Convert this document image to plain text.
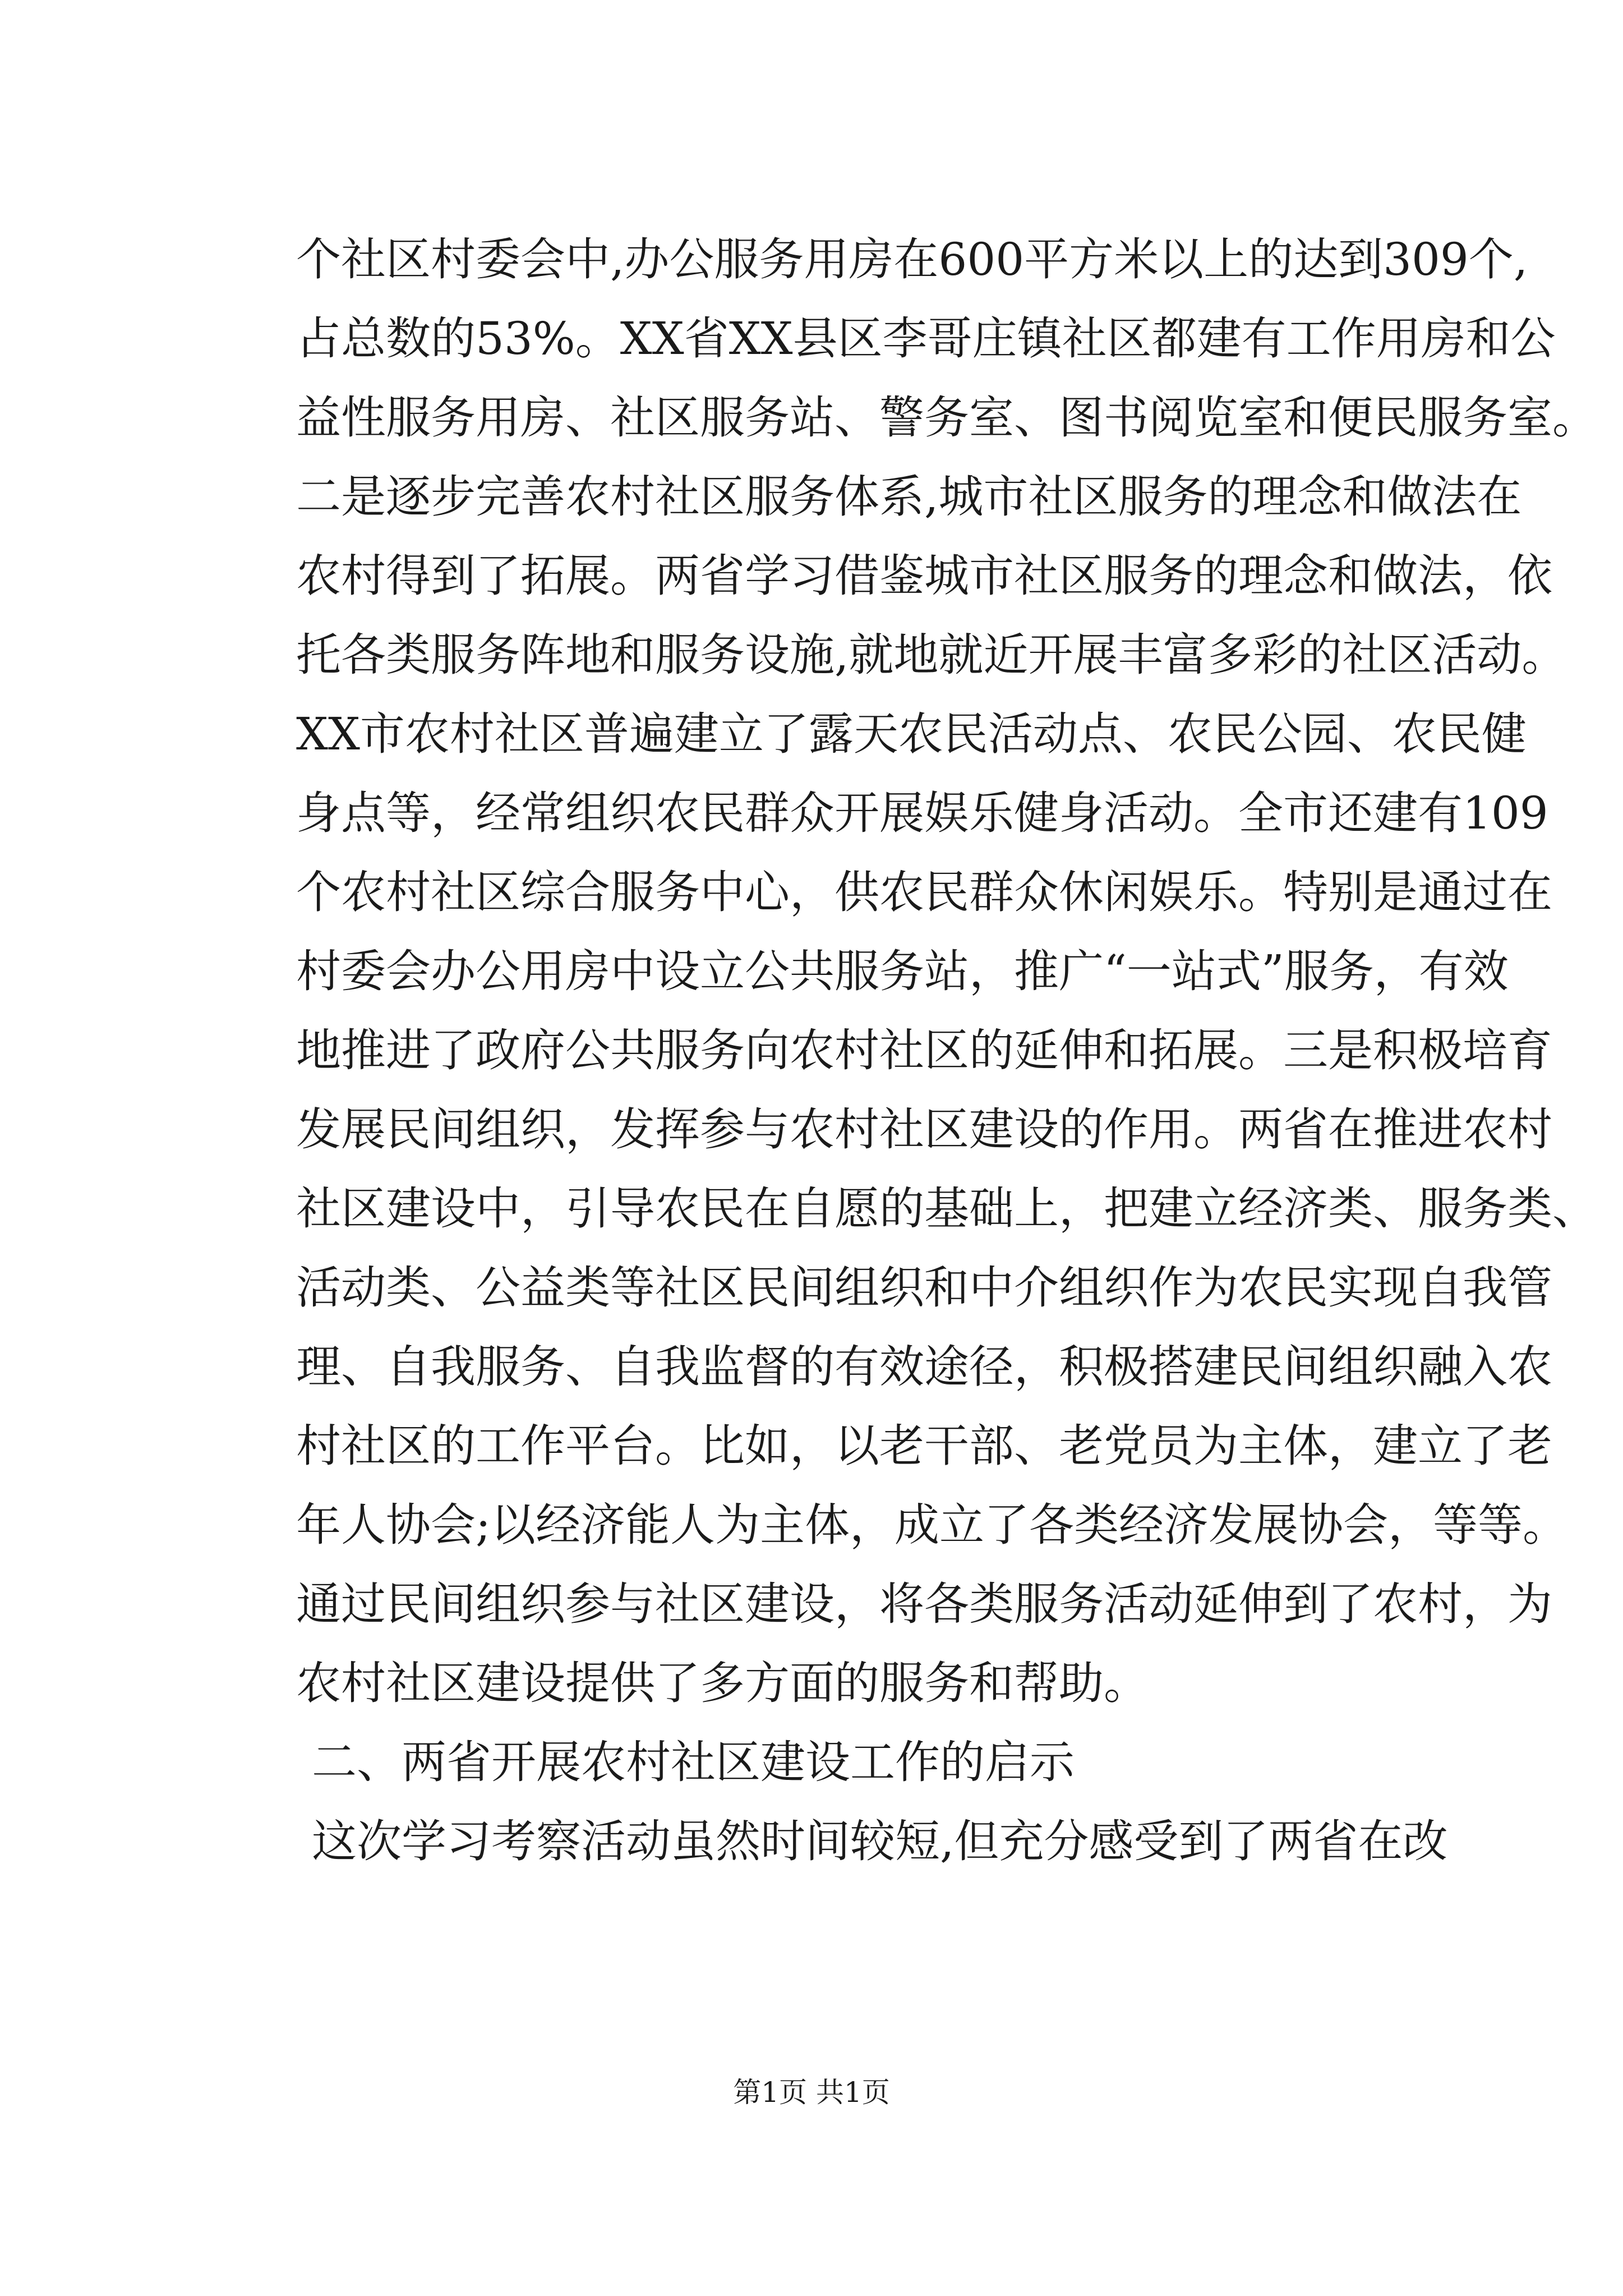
个社区村委会中,办公服务用房在600平方米以上的达到309个,
占总数的53%。XX省XX县区李哥庄镇社区都建有工作用房和公
益性服务用房、社区服务站、警务室、图书阅览室和便民服务室。
二是逐步完善农村社区服务体系,城市社区服务的理念和做法在
农村得到了拓展。两省学习借鉴城市社区服务的理念和做法，依
托各类服务阵地和服务设施,就地就近开展丰富多彩的社区活动。
XX市农村社区普遍建立了露天农民活动点、农民公园、农民健
身点等，经常组织农民群众开展娱乐健身活动。全市还建有109
个农村社区综合服务中心，供农民群众休闲娱乐。特别是通过在
村委会办公用房中设立公共服务站，推广“一站式”服务，有效
地推进了政府公共服务向农村社区的延伸和拓展。三是积极培育
发展民间组织，发挥参与农村社区建设的作用。两省在推进农村
社区建设中，引导农民在自愿的基础上，把建立经济类、服务类、
活动类、公益类等社区民间组织和中介组织作为农民实现自我管
理、自我服务、自我监督的有效途径，积极搭建民间组织融入农
村社区的工作平台。比如，以老干部、老党员为主体，建立了老
年人协会;以经济能人为主体，成立了各类经济发展协会，等等。
通过民间组织参与社区建设，将各类服务活动延伸到了农村，为
农村社区建设提供了多方面的服务和帮助。
二、两省开展农村社区建设工作的启示
这次学习考察活动虽然时间较短,但充分感受到了两省在改
第1页 共1页
